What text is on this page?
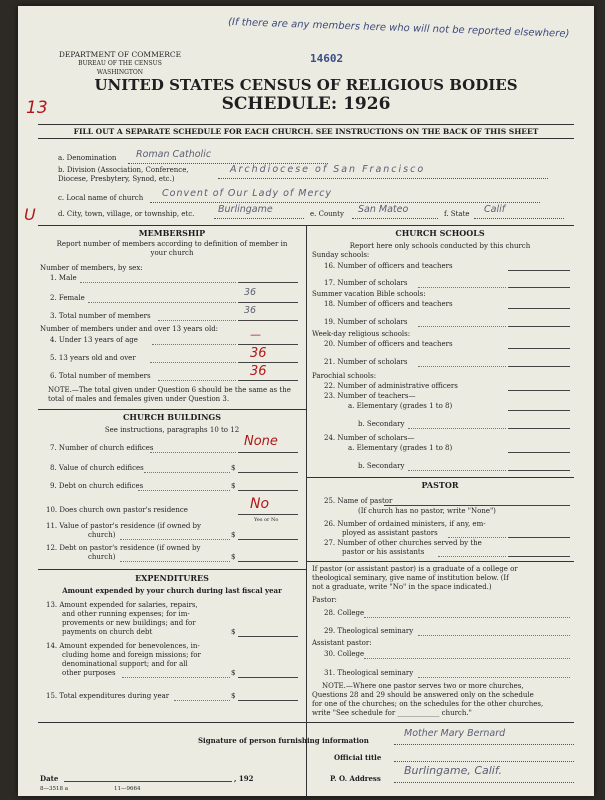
DEPARTMENT OF COMMERCE
BUREAU OF THE CENSUS
WASHINGTON
(If there are any members here who will not be reported elsewhere)
14602
UNITED STATES CENSUS OF RELIGIOUS BODIES
SCHEDULE: 1926
13
FILL OUT A SEPARATE SCHEDULE FOR EACH CHURCH. SEE INSTRUCTIONS ON THE BACK OF THIS SHEET
a. Denomination Roman Catholic
b. Division (Association, Conference, Diocese, Presbytery, Synod, etc.)
Archdiocese of San Francisco
c. Local name of church Convent of Our Lady of Mercy
U	d. City, town, village, or township, etc. Burlingame	e. County San Mateo	f. State Calif
MEMBERSHIP
Report number of members according to definition of member in your church
Number of members, by sex:
1. Male
2. Female	36
3. Total number of members	36
Number of members under and over 13 years old:
4. Under 13 years of age	—
5. 13 years old and over	36
6. Total number of members	36
NOTE.—The total given under Question 6 should be the same as the total of males and females given under Question 3.
CHURCH BUILDINGS
See instructions, paragraphs 10 to 12
7. Number of church edifices	None
8. Value of church edifices	$
9. Debt on church edifices	$
10. Does church own pastor's residence	No
Yes or No
11. Value of pastor's residence (if owned by
church)	$
12. Debt on pastor's residence (if owned by
church)	$
EXPENDITURES
Amount expended by your church during last fiscal year
13. Amount expended for salaries, repairs,
and other running expenses; for im-
provements or new buildings; and for
payments on church debt	$
14. Amount expended for benevolences, in-
cluding home and foreign missions; for
denominational support; and for all
other purposes	$
15. Total expenditures during year	$
CHURCH SCHOOLS
Report here only schools conducted by this church
Sunday schools:
16. Number of officers and teachers
17. Number of scholars
Summer vacation Bible schools:
18. Number of officers and teachers
19. Number of scholars
Week-day religious schools:
20. Number of officers and teachers
21. Number of scholars
Parochial schools:
22. Number of administrative officers
23. Number of teachers—
a. Elementary (grades 1 to 8)
b. Secondary
24. Number of scholars—
a. Elementary (grades 1 to 8)
b. Secondary
PASTOR
25. Name of pastor
(If church has no pastor, write "None")
26. Number of ordained ministers, if any, em-
ployed as assistant pastors
27. Number of other churches served by the
pastor or his assistants
If pastor (or assistant pastor) is a graduate of a college or
theological seminary, give name of institution below. (If
not a graduate, write "No" in the space indicated.)
Pastor:
28. College
29. Theological seminary
Assistant pastor:
30. College
31. Theological seminary
NOTE.—Where one pastor serves two or more churches,
Questions 28 and 29 should be answered only on the schedule
for one of the churches; on the schedules for the other churches,
write "See schedule for ____________ church."
Signature of person furnishing information
Mother Mary Bernard
Official title
Date	, 192	P. O. Address
Burlingame, Calif.
8—3518 a	11—9664
